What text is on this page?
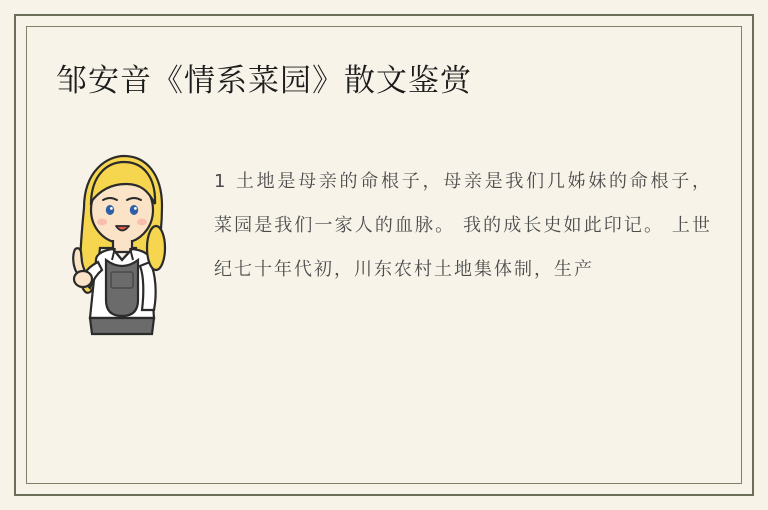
邹安音《情系菜园》散文鉴赏
1 土地是母亲的命根子，母亲是我们几姊妹的命根子，菜园是我们一家人的血脉。 我的成长史如此印记。 上世纪七十年代初，川东农村土地集体制，生产
